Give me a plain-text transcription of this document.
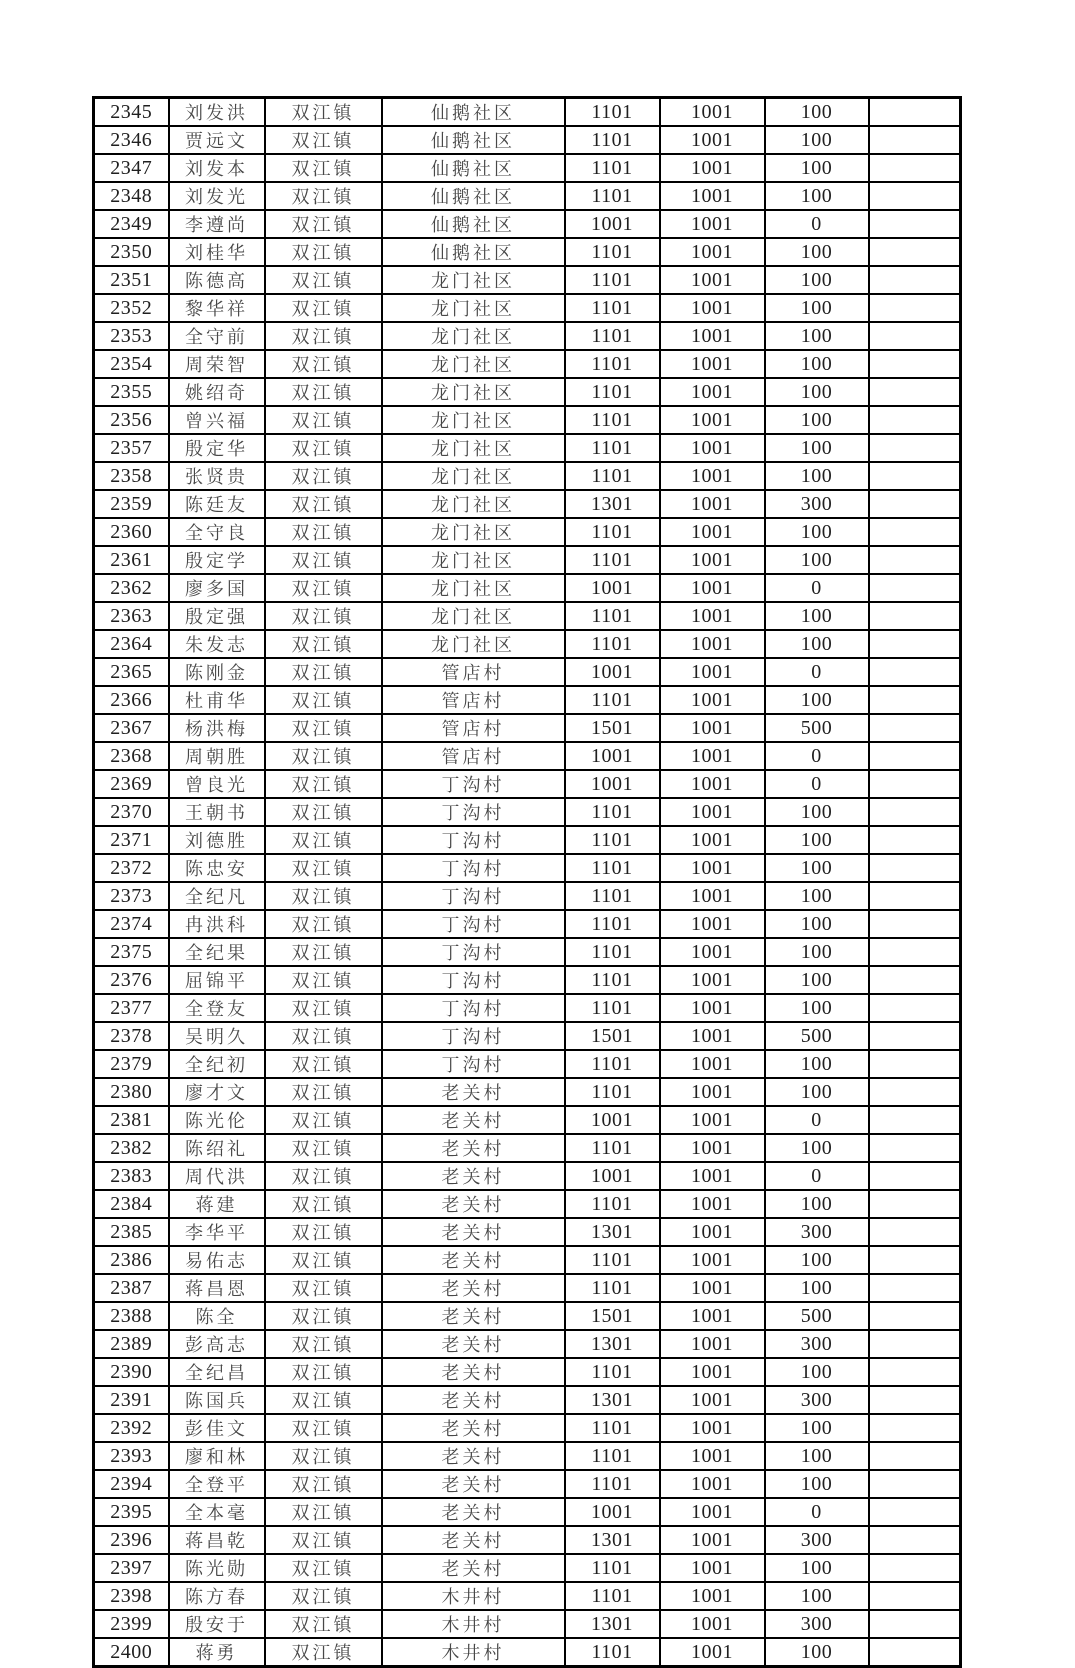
2345	刘发洪	双江镇	仙鹅社区	1101	1001	100	
2346	贾远文	双江镇	仙鹅社区	1101	1001	100	
2347	刘发本	双江镇	仙鹅社区	1101	1001	100	
2348	刘发光	双江镇	仙鹅社区	1101	1001	100	
2349	李遵尚	双江镇	仙鹅社区	1001	1001	0	
2350	刘桂华	双江镇	仙鹅社区	1101	1001	100	
2351	陈德高	双江镇	龙门社区	1101	1001	100	
2352	黎华祥	双江镇	龙门社区	1101	1001	100	
2353	全守前	双江镇	龙门社区	1101	1001	100	
2354	周荣智	双江镇	龙门社区	1101	1001	100	
2355	姚绍奇	双江镇	龙门社区	1101	1001	100	
2356	曾兴福	双江镇	龙门社区	1101	1001	100	
2357	殷定华	双江镇	龙门社区	1101	1001	100	
2358	张贤贵	双江镇	龙门社区	1101	1001	100	
2359	陈廷友	双江镇	龙门社区	1301	1001	300	
2360	全守良	双江镇	龙门社区	1101	1001	100	
2361	殷定学	双江镇	龙门社区	1101	1001	100	
2362	廖多国	双江镇	龙门社区	1001	1001	0	
2363	殷定强	双江镇	龙门社区	1101	1001	100	
2364	朱发志	双江镇	龙门社区	1101	1001	100	
2365	陈刚金	双江镇	管店村	1001	1001	0	
2366	杜甫华	双江镇	管店村	1101	1001	100	
2367	杨洪梅	双江镇	管店村	1501	1001	500	
2368	周朝胜	双江镇	管店村	1001	1001	0	
2369	曾良光	双江镇	丁沟村	1001	1001	0	
2370	王朝书	双江镇	丁沟村	1101	1001	100	
2371	刘德胜	双江镇	丁沟村	1101	1001	100	
2372	陈忠安	双江镇	丁沟村	1101	1001	100	
2373	全纪凡	双江镇	丁沟村	1101	1001	100	
2374	冉洪科	双江镇	丁沟村	1101	1001	100	
2375	全纪果	双江镇	丁沟村	1101	1001	100	
2376	屈锦平	双江镇	丁沟村	1101	1001	100	
2377	全登友	双江镇	丁沟村	1101	1001	100	
2378	吴明久	双江镇	丁沟村	1501	1001	500	
2379	全纪初	双江镇	丁沟村	1101	1001	100	
2380	廖才文	双江镇	老关村	1101	1001	100	
2381	陈光伦	双江镇	老关村	1001	1001	0	
2382	陈绍礼	双江镇	老关村	1101	1001	100	
2383	周代洪	双江镇	老关村	1001	1001	0	
2384	蒋建	双江镇	老关村	1101	1001	100	
2385	李华平	双江镇	老关村	1301	1001	300	
2386	易佑志	双江镇	老关村	1101	1001	100	
2387	蒋昌恩	双江镇	老关村	1101	1001	100	
2388	陈全	双江镇	老关村	1501	1001	500	
2389	彭高志	双江镇	老关村	1301	1001	300	
2390	全纪昌	双江镇	老关村	1101	1001	100	
2391	陈国兵	双江镇	老关村	1301	1001	300	
2392	彭佳文	双江镇	老关村	1101	1001	100	
2393	廖和林	双江镇	老关村	1101	1001	100	
2394	全登平	双江镇	老关村	1101	1001	100	
2395	全本毫	双江镇	老关村	1001	1001	0	
2396	蒋昌乾	双江镇	老关村	1301	1001	300	
2397	陈光勋	双江镇	老关村	1101	1001	100	
2398	陈方春	双江镇	木井村	1101	1001	100	
2399	殷安于	双江镇	木井村	1301	1001	300	
2400	蒋勇	双江镇	木井村	1101	1001	100	
